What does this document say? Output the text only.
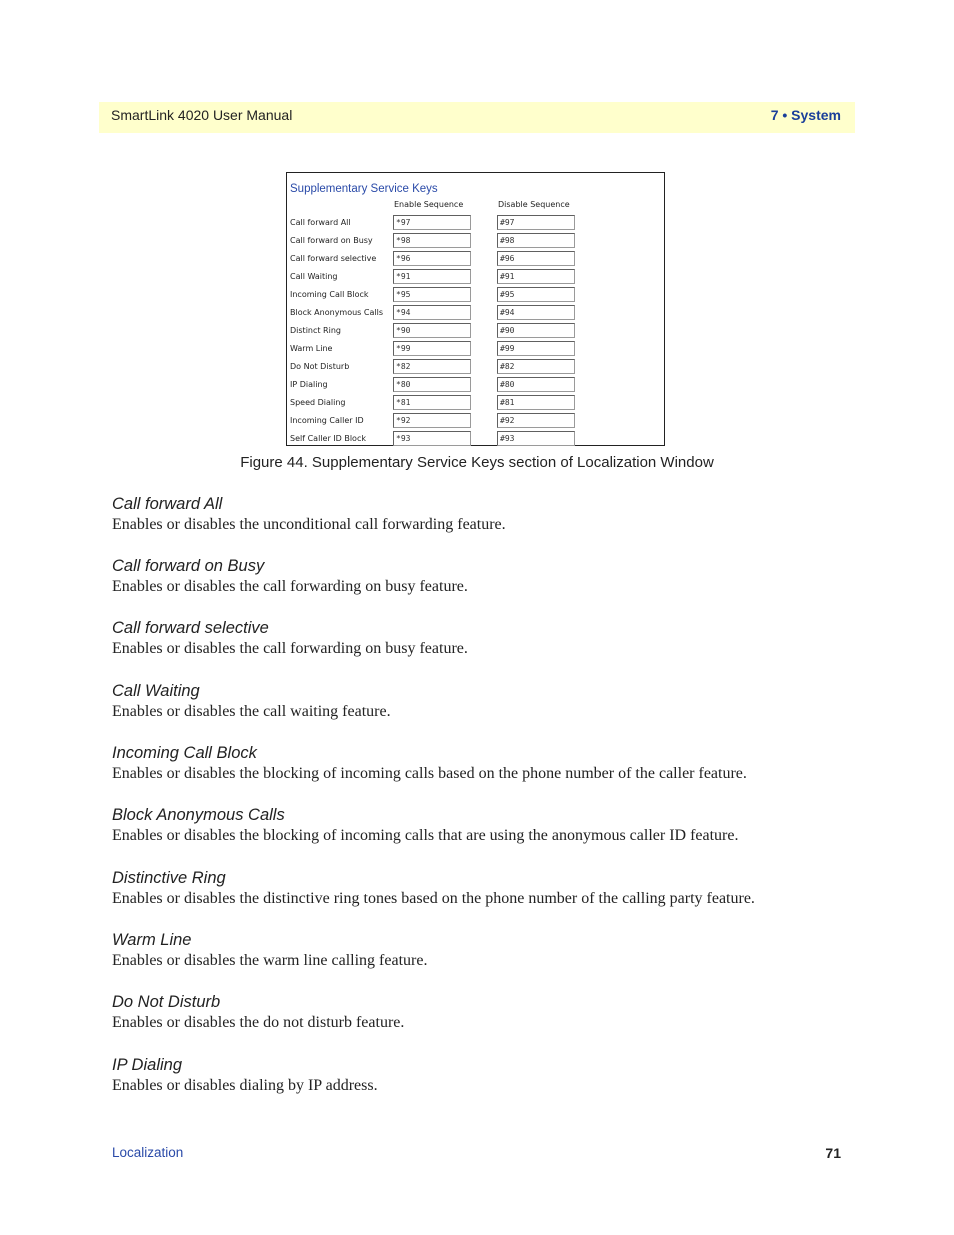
SmartLink 4020 User Manual	7 • System
Supplementary Service Keys
Enable Sequence	Disable Sequence
Call forward All	*97	#97
Call forward on Busy	*98	#98
Call forward selective	*96	#96
Call Waiting	*91	#91
Incoming Call Block	*95	#95
Block Anonymous Calls	*94	#94
Distinct Ring	*90	#90
Warm Line	*99	#99
Do Not Disturb	*82	#82
IP Dialing	*80	#80
Speed Dialing	*81	#81
Incoming Caller ID	*92	#92
Self Caller ID Block	*93	#93
Figure 44. Supplementary Service Keys section of Localization Window
Call forward All
Enables or disables the unconditional call forwarding feature.
Call forward on Busy
Enables or disables the call forwarding on busy feature.
Call forward selective
Enables or disables the call forwarding on busy feature.
Call Waiting
Enables or disables the call waiting feature.
Incoming Call Block
Enables or disables the blocking of incoming calls based on the phone number of the caller feature.
Block Anonymous Calls
Enables or disables the blocking of incoming calls that are using the anonymous caller ID feature.
Distinctive Ring
Enables or disables the distinctive ring tones based on the phone number of the calling party feature.
Warm Line
Enables or disables the warm line calling feature.
Do Not Disturb
Enables or disables the do not disturb feature.
IP Dialing
Enables or disables dialing by IP address.
Localization	71
